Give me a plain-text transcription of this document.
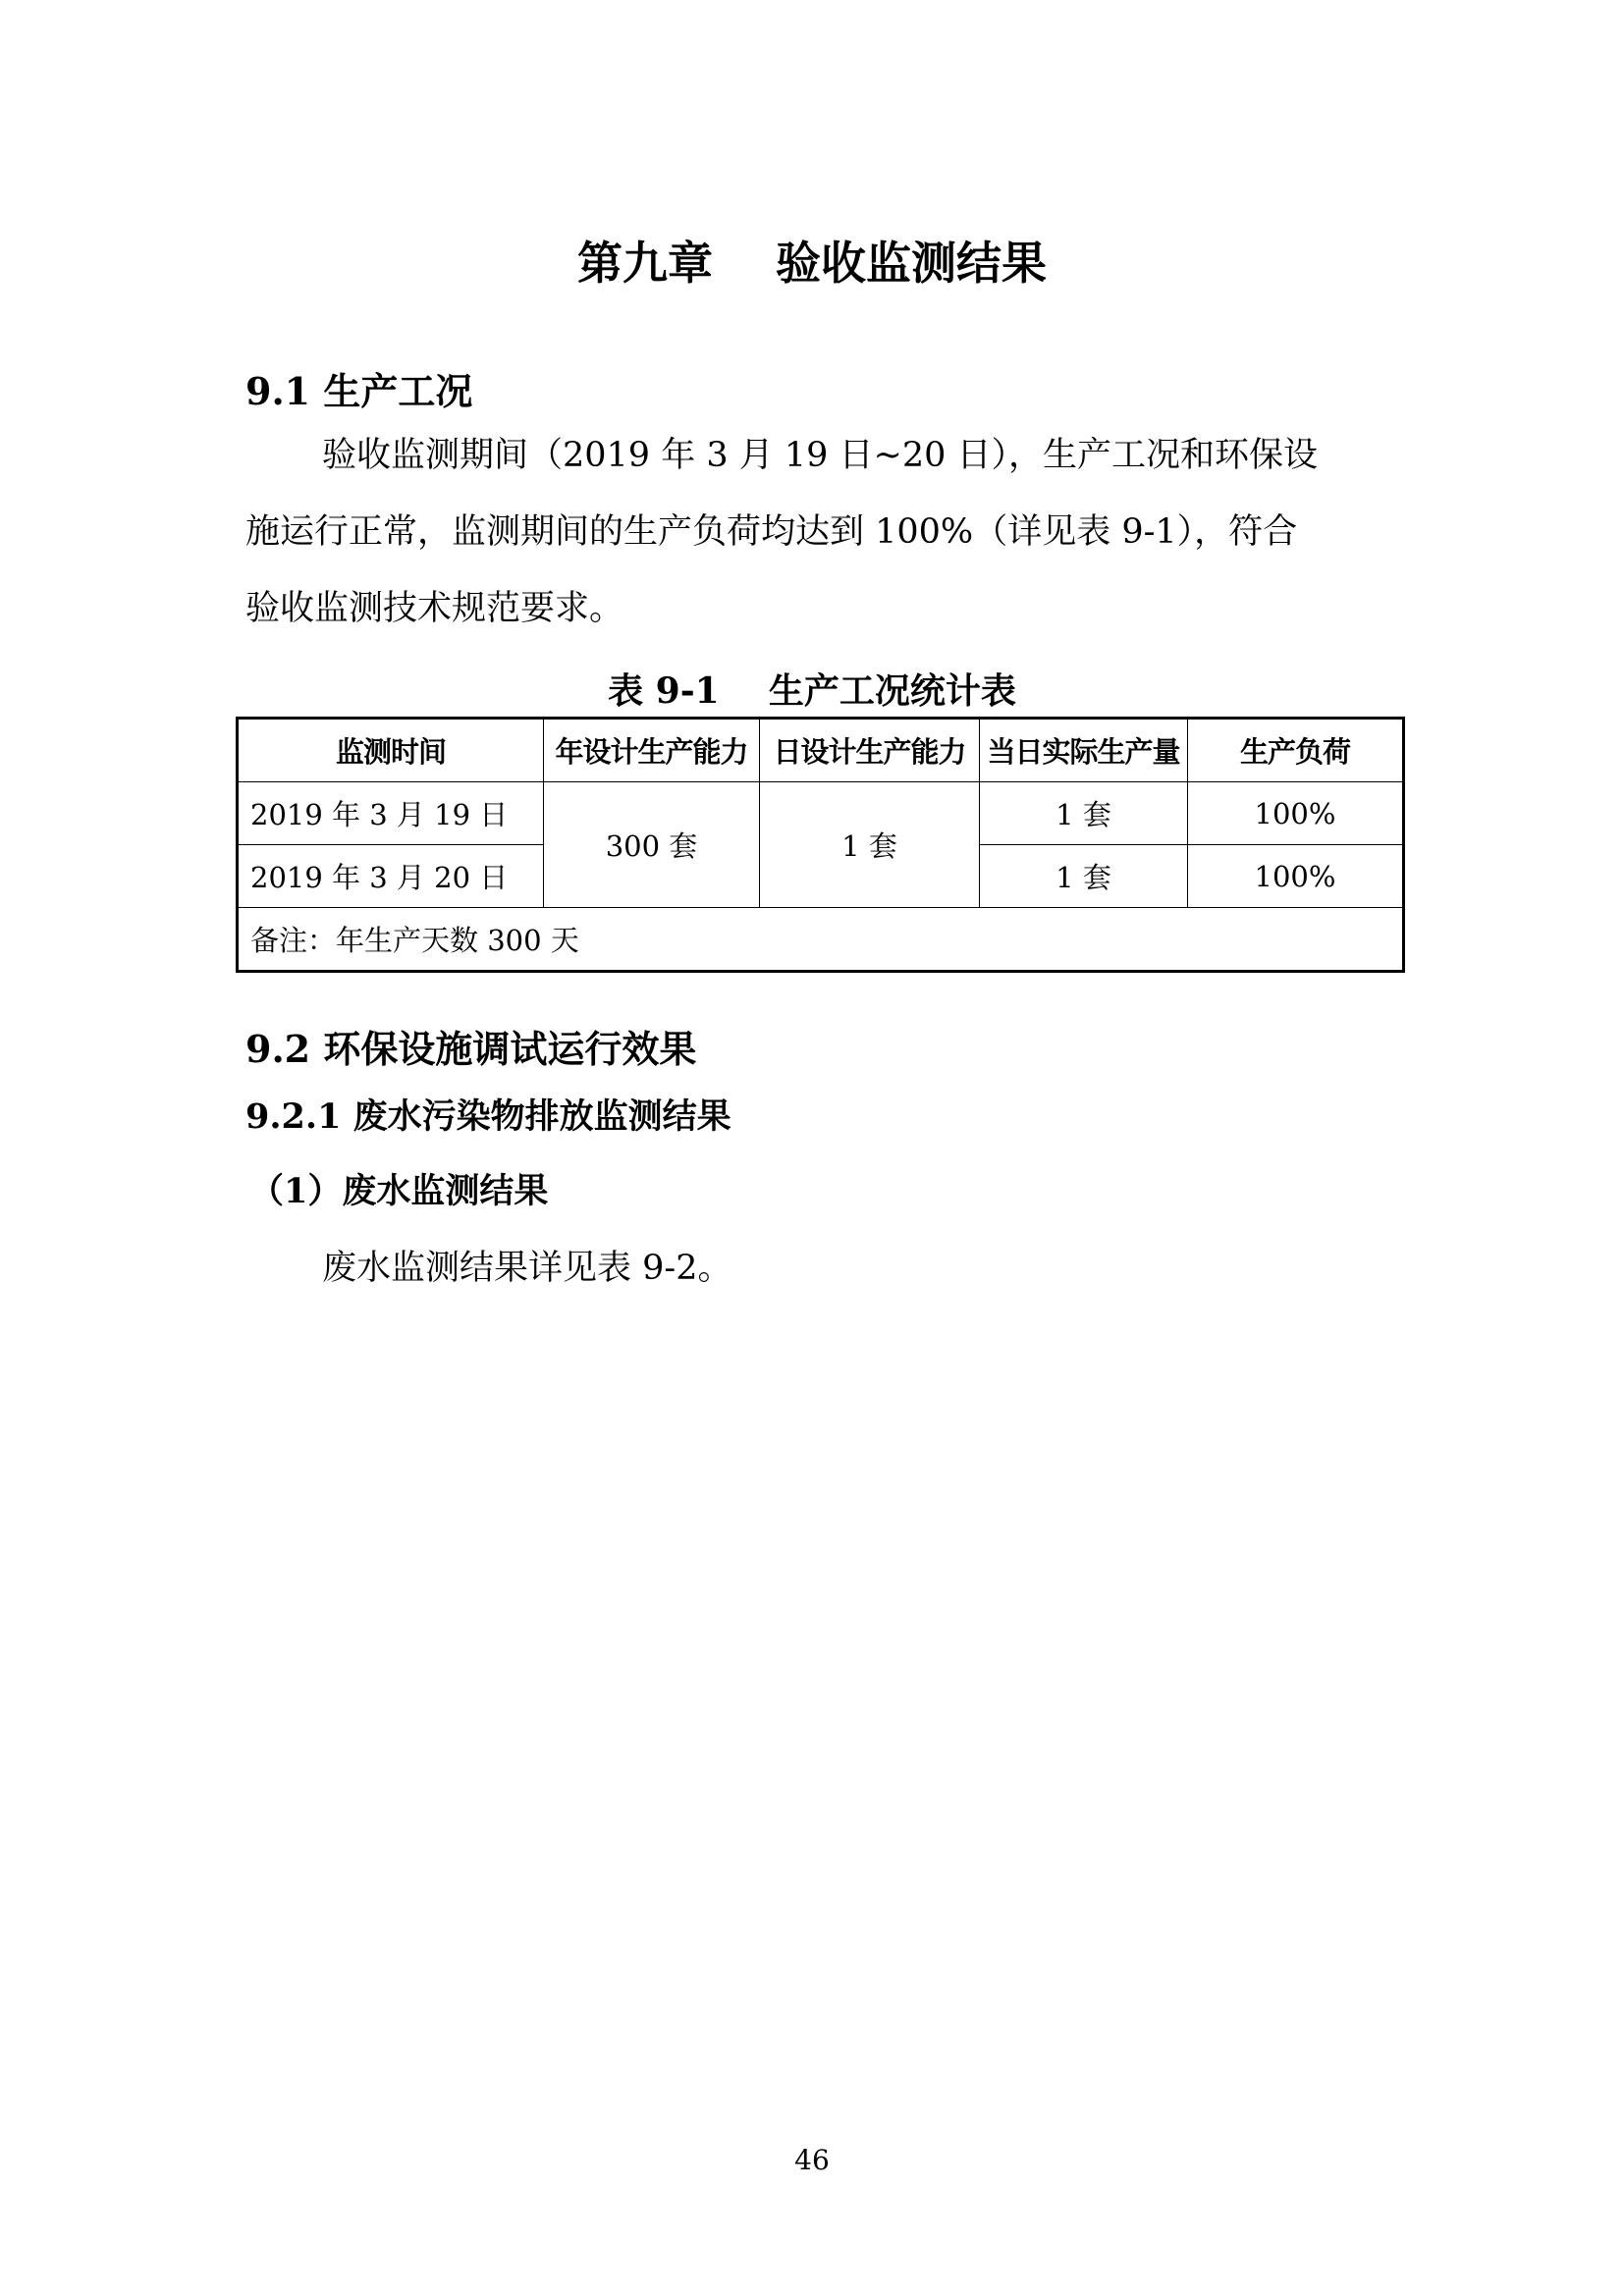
第九章    验收监测结果
9.1 生产工况

验收监测期间（2019 年 3 月 19 日~20 日），生产工况和环保设

施运行正常，监测期间的生产负荷均达到 100%（详见表 9-1），符合

验收监测技术规范要求。

表 9-1    生产工况统计表

监测时间	年设计生产能力	日设计生产能力	当日实际生产量	生产负荷
2019 年 3 月 19 日	300 套	1 套	1 套	100%
2019 年 3 月 20 日			1 套	100%
备注：年生产天数 300 天				
9.2 环保设施调试运行效果
9.2.1 废水污染物排放监测结果
（1）废水监测结果

废水监测结果详见表 9-2。

46
